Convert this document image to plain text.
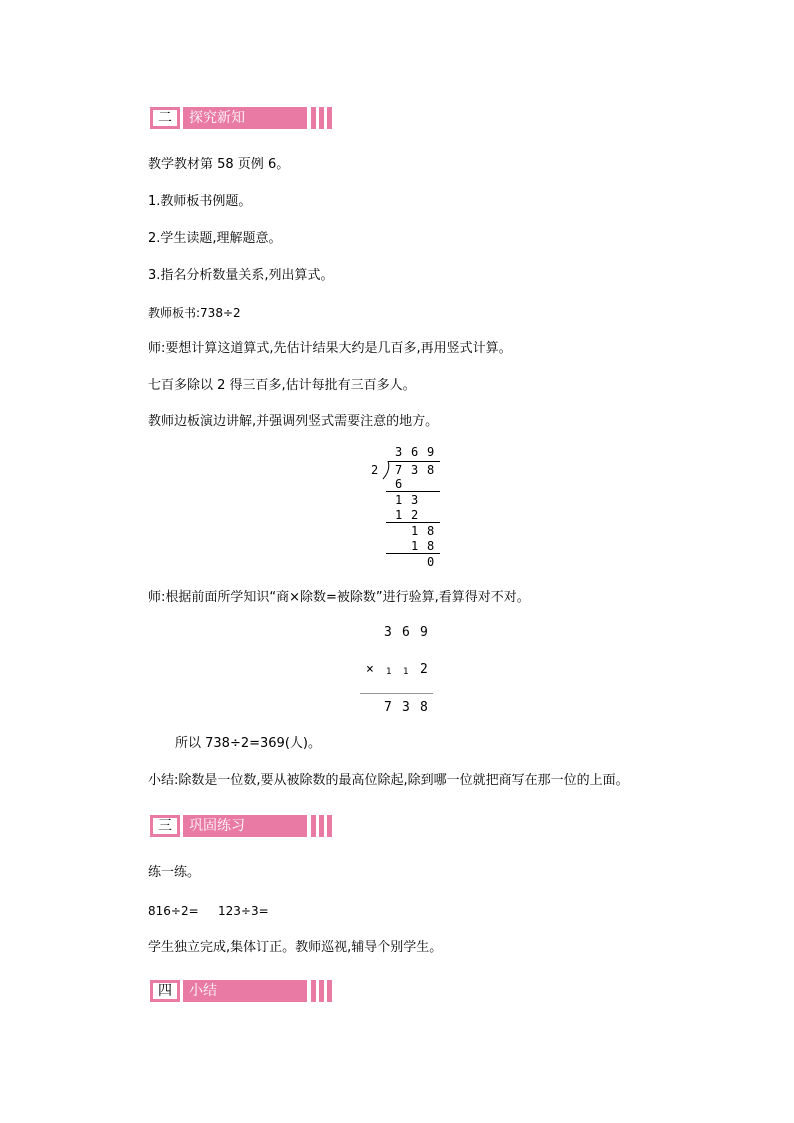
二	探究新知
教学教材第 58 页例 6。
1.教师板书例题。
2.学生读题,理解题意。
3.指名分析数量关系,列出算式。
教师板书:738÷2
师:要想计算这道算式,先估计结果大约是几百多,再用竖式计算。
七百多除以 2 得三百多,估计每批有三百多人。
教师边板演边讲解,并强调列竖式需要注意的地方。
3 6 9
2 7 3 8
6
1 3
1 2
1 8
1 8
0
师:根据前面所学知识“商×除数=被除数”进行验算,看算得对不对。
3 6 9
× 1 1 2
7 3 8
所以 738÷2=369(人)。
小结:除数是一位数,要从被除数的最高位除起,除到哪一位就把商写在那一位的上面。
三	巩固练习
练一练。
816÷2= 123÷3=
学生独立完成,集体订正。教师巡视,辅导个别学生。
四	小结
